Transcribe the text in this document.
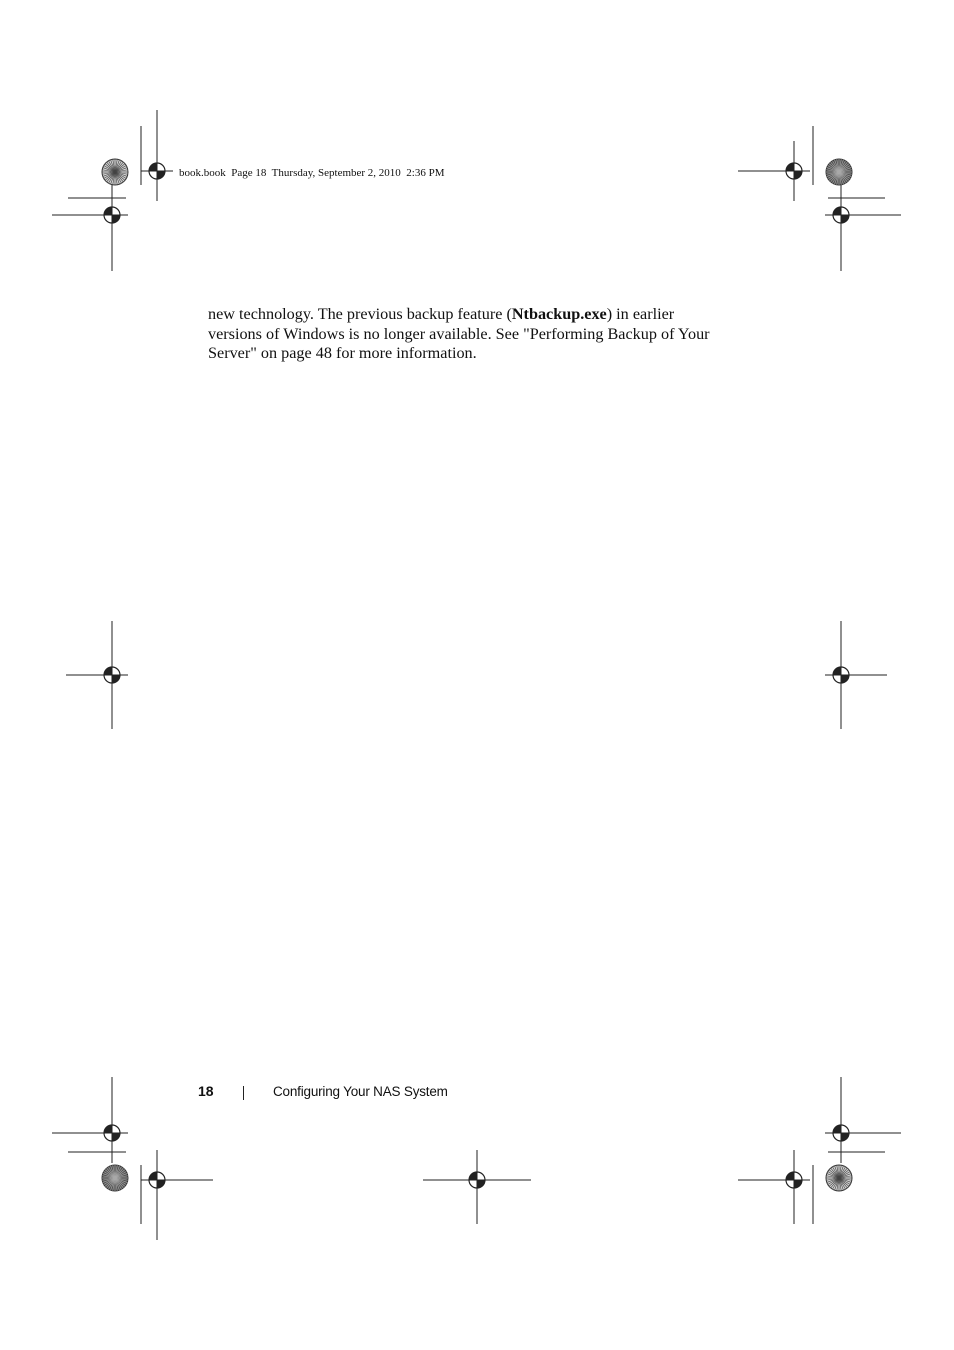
book.book  Page 18  Thursday, September 2, 2010  2:36 PM

new technology. The previous backup feature (Ntbackup.exe) in earlier
versions of Windows is no longer available. See "Performing Backup of Your
Server" on page 48 for more information.

18	Configuring Your NAS System
